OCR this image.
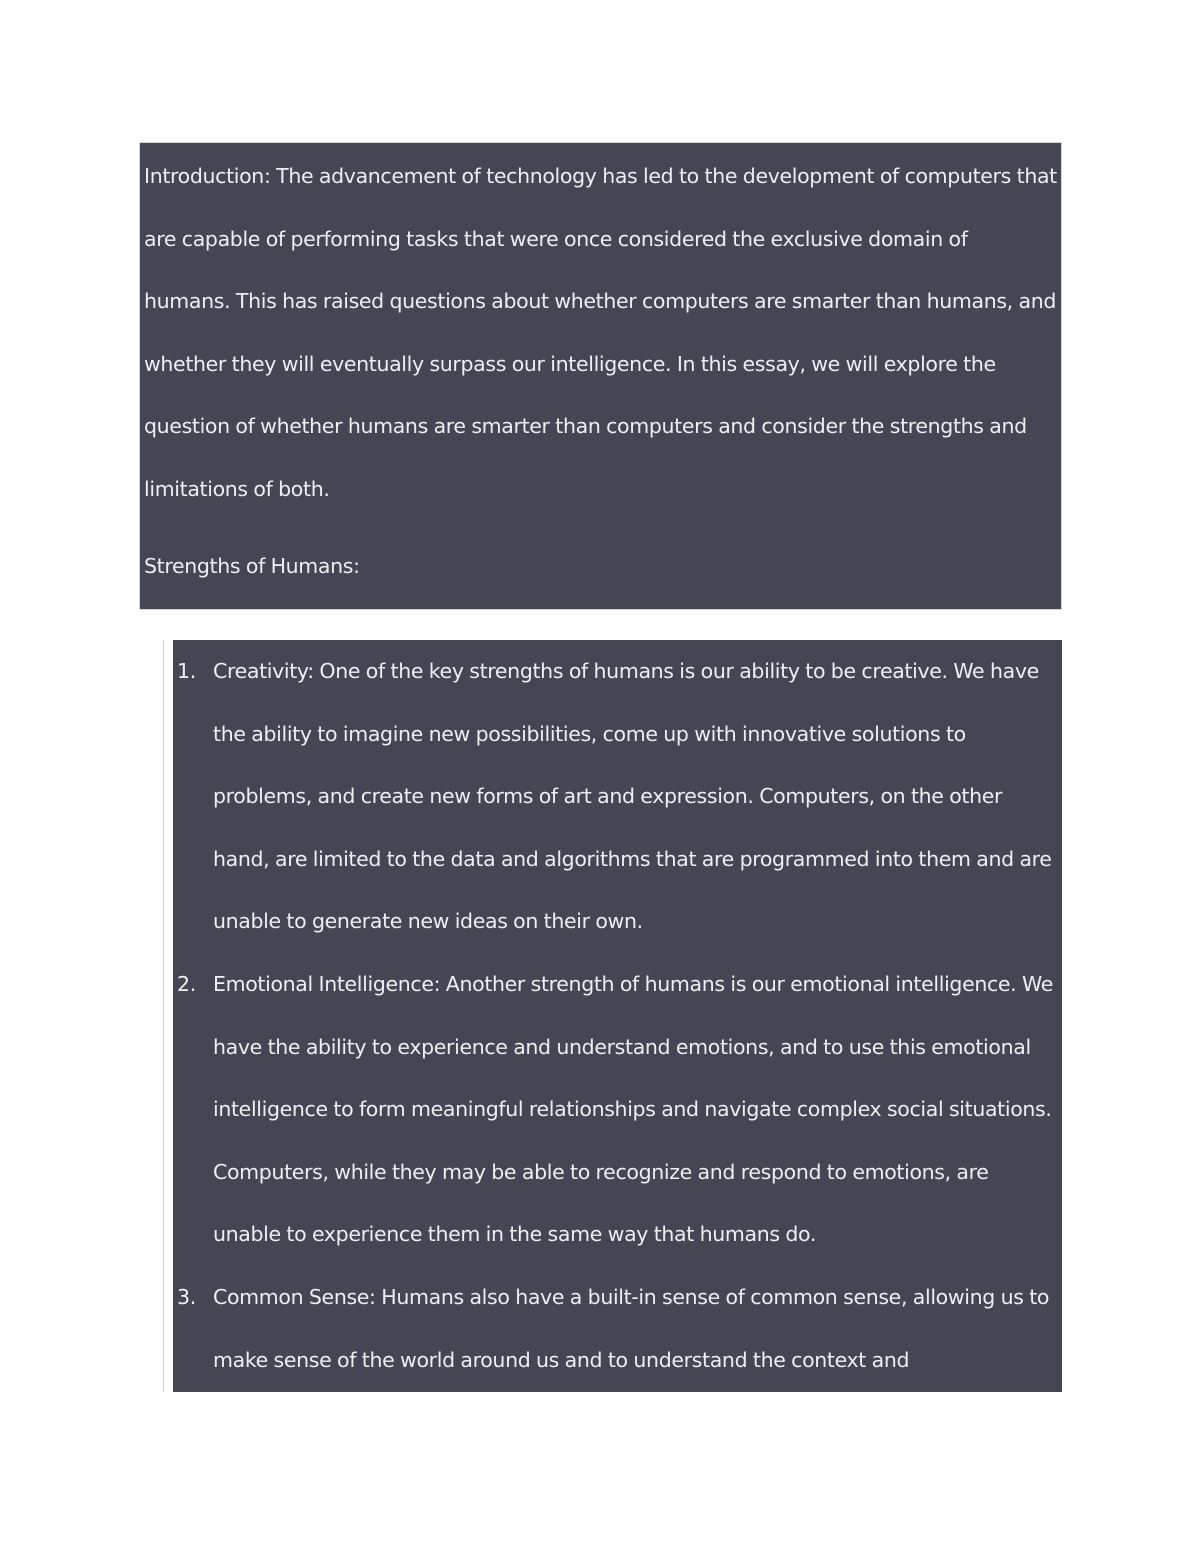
Introduction: The advancement of technology has led to the development of computers that are capable of performing tasks that were once considered the exclusive domain of humans. This has raised questions about whether computers are smarter than humans, and whether they will eventually surpass our intelligence. In this essay, we will explore the question of whether humans are smarter than computers and consider the strengths and limitations of both.

Strengths of Humans:
1. Creativity: One of the key strengths of humans is our ability to be creative. We have the ability to imagine new possibilities, come up with innovative solutions to problems, and create new forms of art and expression. Computers, on the other hand, are limited to the data and algorithms that are programmed into them and are unable to generate new ideas on their own.
2. Emotional Intelligence: Another strength of humans is our emotional intelligence. We have the ability to experience and understand emotions, and to use this emotional intelligence to form meaningful relationships and navigate complex social situations. Computers, while they may be able to recognize and respond to emotions, are unable to experience them in the same way that humans do.
3. Common Sense: Humans also have a built-in sense of common sense, allowing us to make sense of the world around us and to understand the context and
